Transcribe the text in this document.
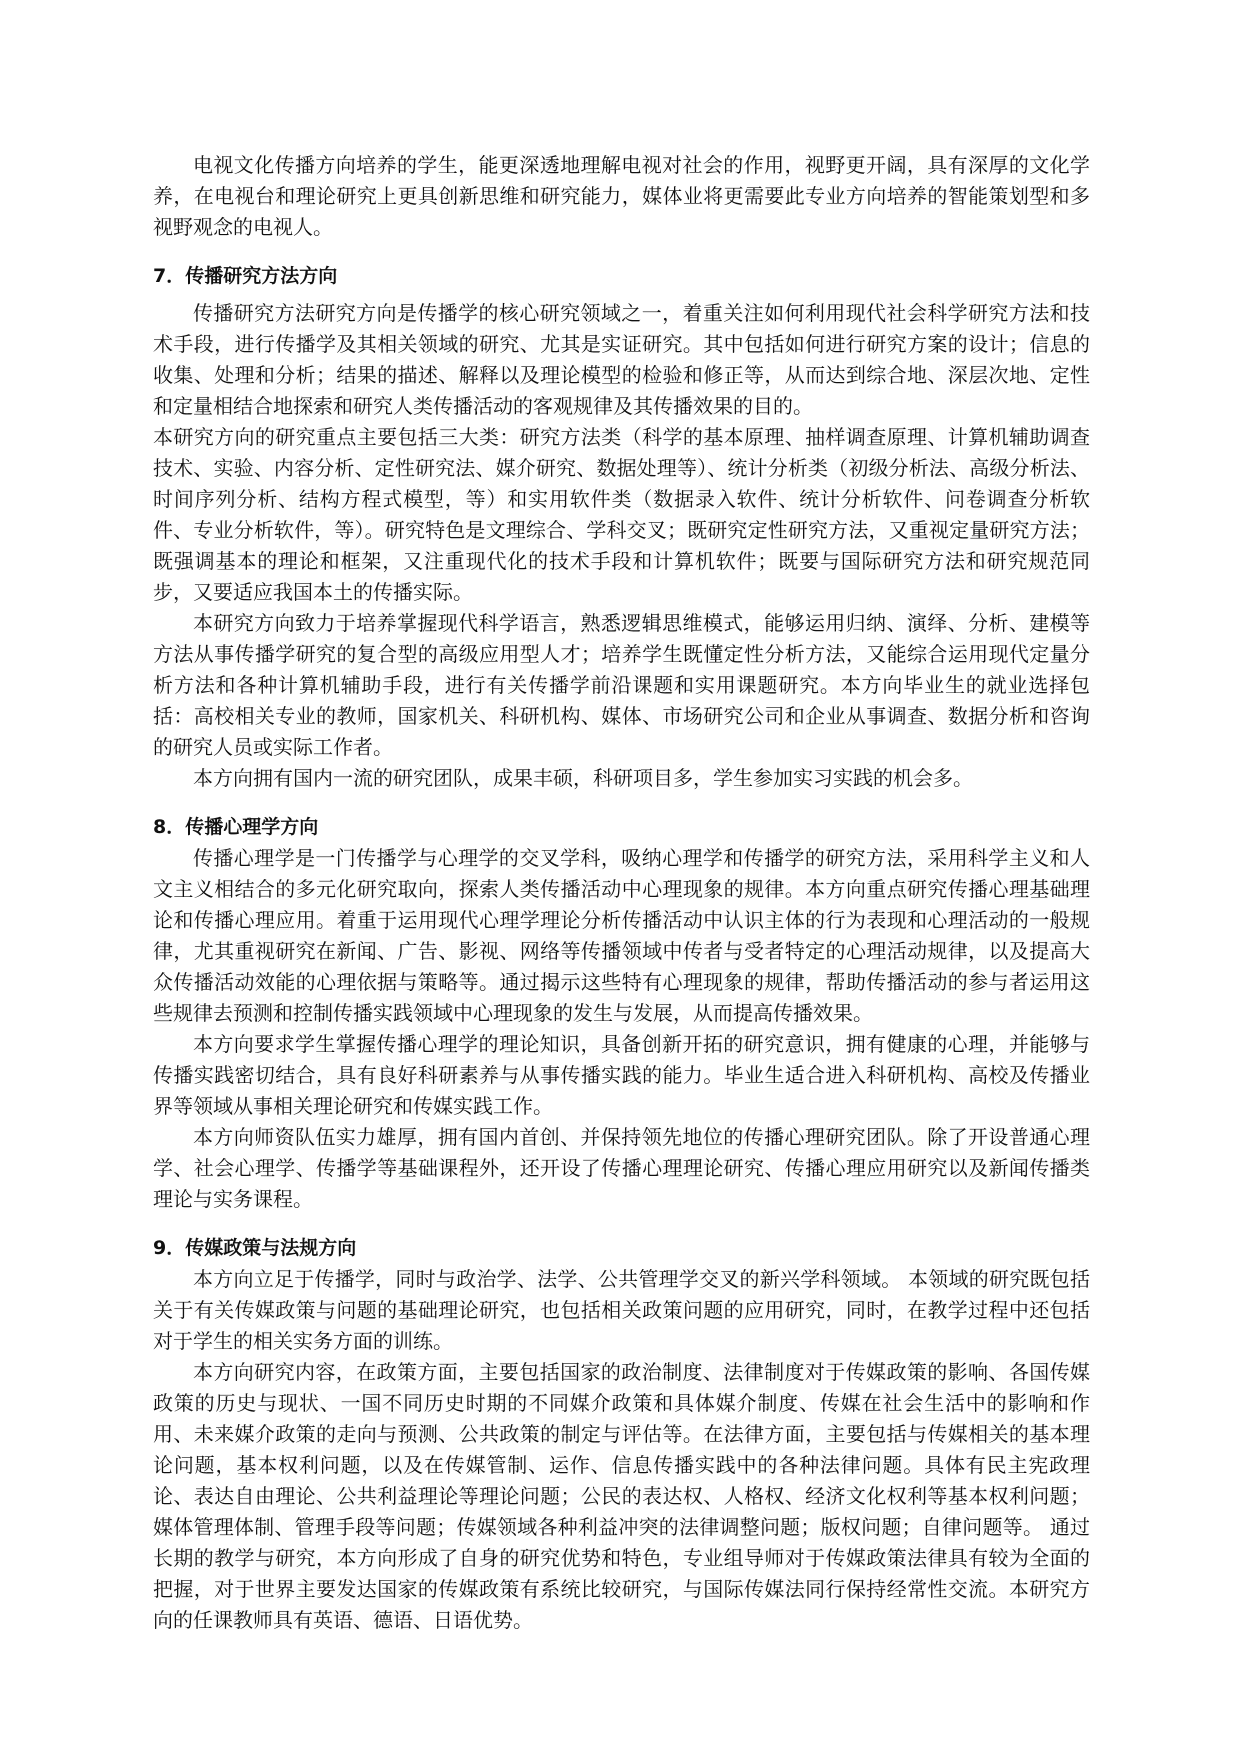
电视文化传播方向培养的学生，能更深透地理解电视对社会的作用，视野更开阔，具有深厚的文化学养，在电视台和理论研究上更具创新思维和研究能力，媒体业将更需要此专业方向培养的智能策划型和多视野观念的电视人。

7．传播研究方法方向

传播研究方法研究方向是传播学的核心研究领域之一，着重关注如何利用现代社会科学研究方法和技术手段，进行传播学及其相关领域的研究、尤其是实证研究。其中包括如何进行研究方案的设计；信息的收集、处理和分析；结果的描述、解释以及理论模型的检验和修正等，从而达到综合地、深层次地、定性和定量相结合地探索和研究人类传播活动的客观规律及其传播效果的目的。

本研究方向的研究重点主要包括三大类：研究方法类（科学的基本原理、抽样调查原理、计算机辅助调查技术、实验、内容分析、定性研究法、媒介研究、数据处理等）、统计分析类（初级分析法、高级分析法、时间序列分析、结构方程式模型，等）和实用软件类（数据录入软件、统计分析软件、问卷调查分析软件、专业分析软件，等）。研究特色是文理综合、学科交叉；既研究定性研究方法，又重视定量研究方法；既强调基本的理论和框架，又注重现代化的技术手段和计算机软件；既要与国际研究方法和研究规范同步，又要适应我国本土的传播实际。

本研究方向致力于培养掌握现代科学语言，熟悉逻辑思维模式，能够运用归纳、演绎、分析、建模等方法从事传播学研究的复合型的高级应用型人才；培养学生既懂定性分析方法，又能综合运用现代定量分析方法和各种计算机辅助手段，进行有关传播学前沿课题和实用课题研究。本方向毕业生的就业选择包括：高校相关专业的教师，国家机关、科研机构、媒体、市场研究公司和企业从事调查、数据分析和咨询的研究人员或实际工作者。

本方向拥有国内一流的研究团队，成果丰硕，科研项目多，学生参加实习实践的机会多。

8．传播心理学方向

传播心理学是一门传播学与心理学的交叉学科，吸纳心理学和传播学的研究方法，采用科学主义和人文主义相结合的多元化研究取向，探索人类传播活动中心理现象的规律。本方向重点研究传播心理基础理论和传播心理应用。着重于运用现代心理学理论分析传播活动中认识主体的行为表现和心理活动的一般规律，尤其重视研究在新闻、广告、影视、网络等传播领域中传者与受者特定的心理活动规律，以及提高大众传播活动效能的心理依据与策略等。通过揭示这些特有心理现象的规律，帮助传播活动的参与者运用这些规律去预测和控制传播实践领域中心理现象的发生与发展，从而提高传播效果。

本方向要求学生掌握传播心理学的理论知识，具备创新开拓的研究意识，拥有健康的心理，并能够与传播实践密切结合，具有良好科研素养与从事传播实践的能力。毕业生适合进入科研机构、高校及传播业界等领域从事相关理论研究和传媒实践工作。

本方向师资队伍实力雄厚，拥有国内首创、并保持领先地位的传播心理研究团队。除了开设普通心理学、社会心理学、传播学等基础课程外，还开设了传播心理理论研究、传播心理应用研究以及新闻传播类理论与实务课程。

9．传媒政策与法规方向

本方向立足于传播学，同时与政治学、法学、公共管理学交叉的新兴学科领域。 本领域的研究既包括关于有关传媒政策与问题的基础理论研究，也包括相关政策问题的应用研究，同时，在教学过程中还包括对于学生的相关实务方面的训练。

本方向研究内容，在政策方面，主要包括国家的政治制度、法律制度对于传媒政策的影响、各国传媒政策的历史与现状、一国不同历史时期的不同媒介政策和具体媒介制度、传媒在社会生活中的影响和作用、未来媒介政策的走向与预测、公共政策的制定与评估等。在法律方面，主要包括与传媒相关的基本理论问题，基本权利问题，以及在传媒管制、运作、信息传播实践中的各种法律问题。具体有民主宪政理论、表达自由理论、公共利益理论等理论问题；公民的表达权、人格权、经济文化权利等基本权利问题；媒体管理体制、管理手段等问题；传媒领域各种利益冲突的法律调整问题；版权问题；自律问题等。 通过长期的教学与研究，本方向形成了自身的研究优势和特色，专业组导师对于传媒政策法律具有较为全面的把握，对于世界主要发达国家的传媒政策有系统比较研究，与国际传媒法同行保持经常性交流。本研究方向的任课教师具有英语、德语、日语优势。
